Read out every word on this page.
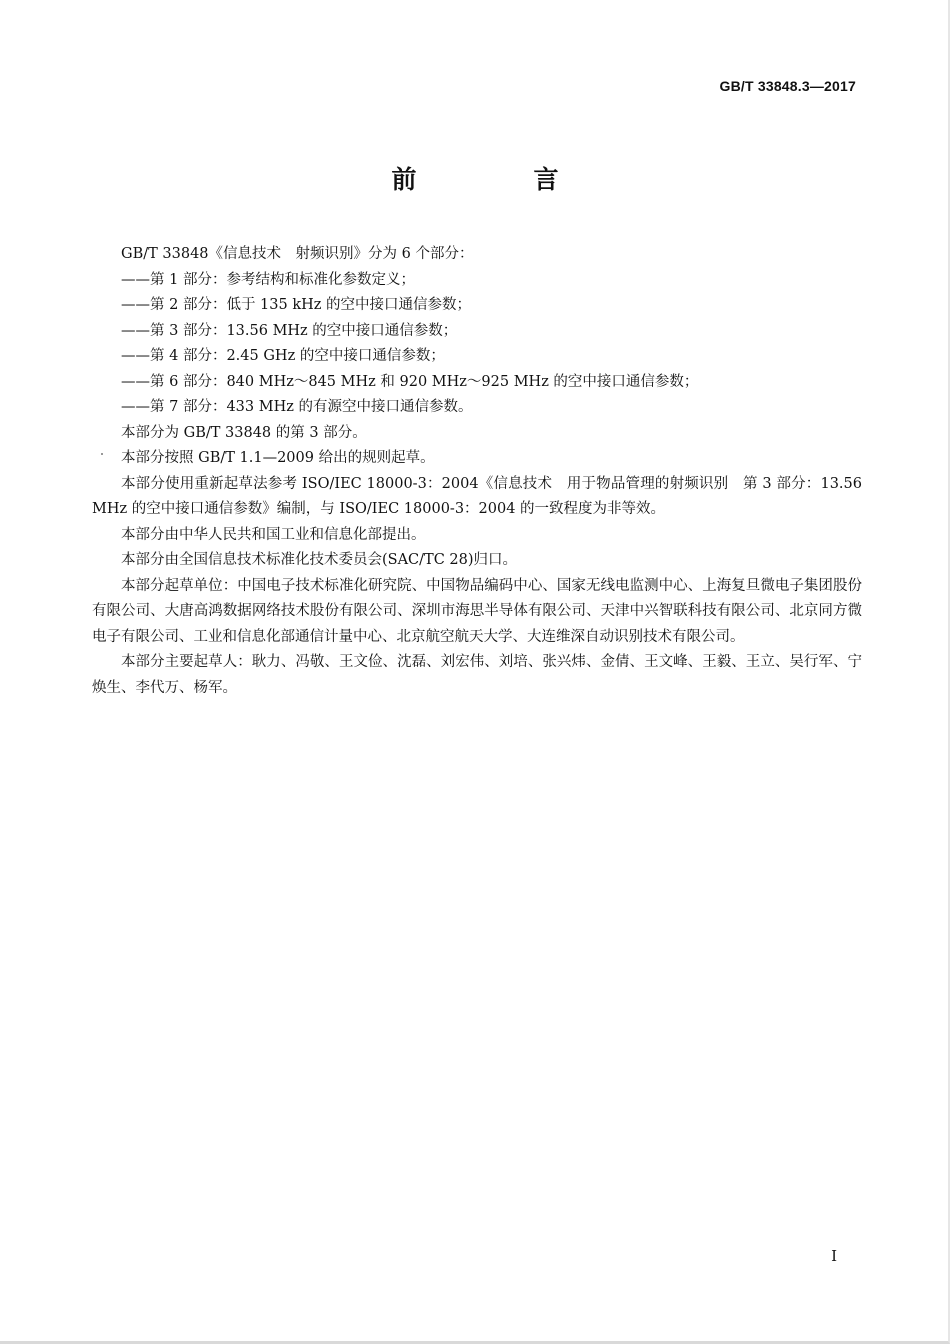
GB/T 33848.3—2017
前　言

GB/T 33848《信息技术　射频识别》分为 6 个部分：

——第 1 部分：参考结构和标准化参数定义；

——第 2 部分：低于 135 kHz 的空中接口通信参数；

——第 3 部分：13.56 MHz 的空中接口通信参数；

——第 4 部分：2.45 GHz 的空中接口通信参数；

——第 6 部分：840 MHz～845 MHz 和 920 MHz～925 MHz 的空中接口通信参数；

——第 7 部分：433 MHz 的有源空中接口通信参数。

本部分为 GB/T 33848 的第 3 部分。

本部分按照 GB/T 1.1—2009 给出的规则起草。

本部分使用重新起草法参考 ISO/IEC 18000-3：2004《信息技术　用于物品管理的射频识别　第 3 部分：13.56 MHz 的空中接口通信参数》编制，与 ISO/IEC 18000-3：2004 的一致程度为非等效。

本部分由中华人民共和国工业和信息化部提出。

本部分由全国信息技术标准化技术委员会(SAC/TC 28)归口。

本部分起草单位：中国电子技术标准化研究院、中国物品编码中心、国家无线电监测中心、上海复旦微电子集团股份有限公司、大唐高鸿数据网络技术股份有限公司、深圳市海思半导体有限公司、天津中兴智联科技有限公司、北京同方微电子有限公司、工业和信息化部通信计量中心、北京航空航天大学、大连维深自动识别技术有限公司。

本部分主要起草人：耿力、冯敬、王文俭、沈磊、刘宏伟、刘培、张兴炜、金倩、王文峰、王毅、王立、吴行军、宁焕生、李代万、杨军。

I
